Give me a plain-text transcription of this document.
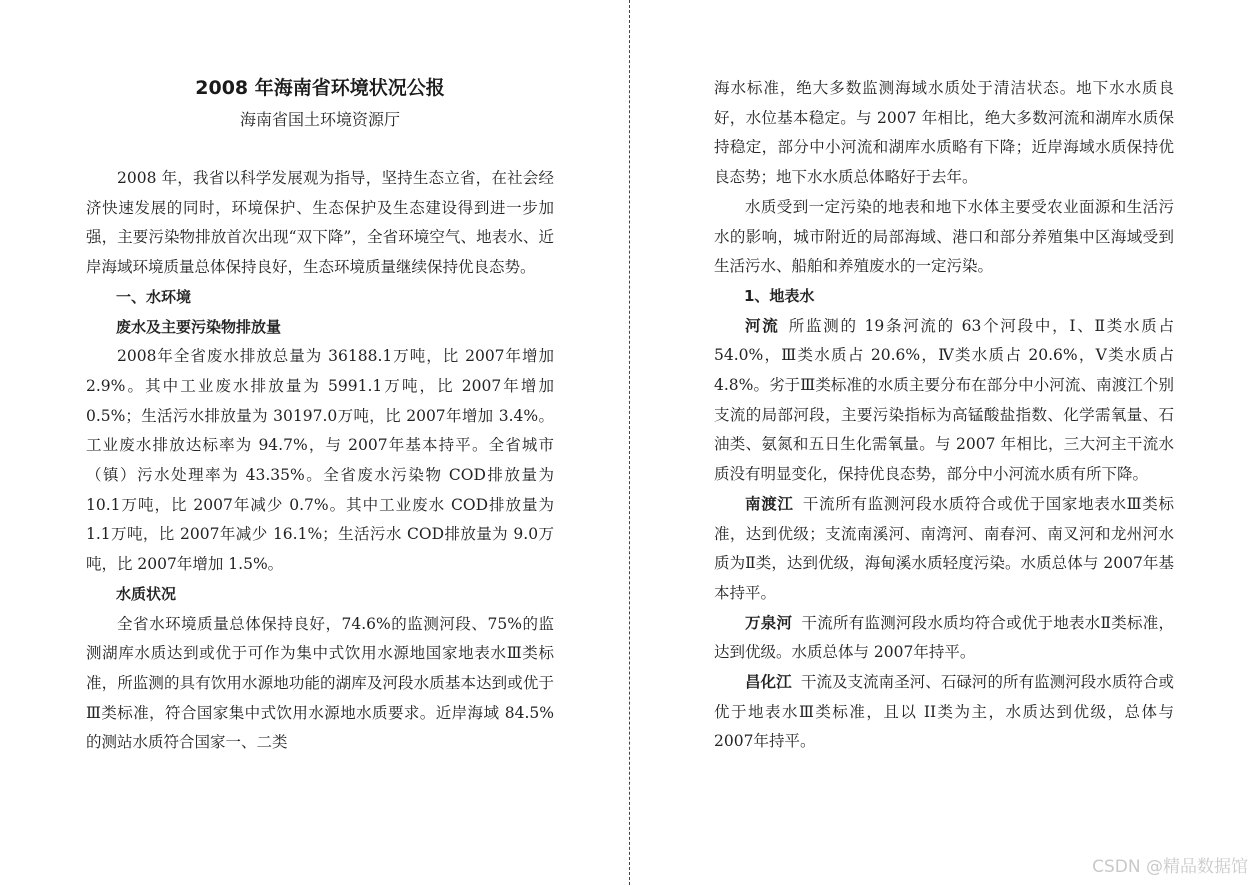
2008 年海南省环境状况公报
海南省国土环境资源厅

2008 年，我省以科学发展观为指导，坚持生态立省，在社会经济快速发展的同时，环境保护、生态保护及生态建设得到进一步加强，主要污染物排放首次出现“双下降”，全省环境空气、地表水、近岸海域环境质量总体保持良好，生态环境质量继续保持优良态势。

一、水环境
废水及主要污染物排放量

2008年全省废水排放总量为 36188.1万吨，比 2007年增加 2.9%。其中工业废水排放量为 5991.1万吨，比 2007年增加 0.5%；生活污水排放量为 30197.0万吨，比 2007年增加 3.4%。工业废水排放达标率为 94.7%，与 2007年基本持平。全省城市（镇）污水处理率为 43.35%。全省废水污染物 COD排放量为 10.1万吨，比 2007年减少 0.7%。其中工业废水 COD排放量为 1.1万吨，比 2007年减少 16.1%；生活污水 COD排放量为 9.0万吨，比 2007年增加 1.5%。

水质状况

全省水环境质量总体保持良好，74.6%的监测河段、75%的监测湖库水质达到或优于可作为集中式饮用水源地国家地表水Ⅲ类标准，所监测的具有饮用水源地功能的湖库及河段水质基本达到或优于Ⅲ类标准，符合国家集中式饮用水源地水质要求。近岸海域 84.5%的测站水质符合国家一、二类

海水标准，绝大多数监测海域水质处于清洁状态。地下水水质良好，水位基本稳定。与 2007 年相比，绝大多数河流和湖库水质保持稳定，部分中小河流和湖库水质略有下降；近岸海域水质保持优良态势；地下水水质总体略好于去年。

水质受到一定污染的地表和地下水体主要受农业面源和生活污水的影响，城市附近的局部海域、港口和部分养殖集中区海域受到生活污水、船舶和养殖废水的一定污染。

1、地表水

河流 所监测的 19条河流的 63个河段中，Ⅰ、Ⅱ类水质占 54.0%，Ⅲ类水质占 20.6%，Ⅳ类水质占 20.6%，Ⅴ类水质占 4.8%。劣于Ⅲ类标准的水质主要分布在部分中小河流、南渡江个别支流的局部河段，主要污染指标为高锰酸盐指数、化学需氧量、石油类、氨氮和五日生化需氧量。与 2007 年相比，三大河主干流水质没有明显变化，保持优良态势，部分中小河流水质有所下降。

南渡江 干流所有监测河段水质符合或优于国家地表水Ⅲ类标准，达到优级；支流南溪河、南湾河、南春河、南叉河和龙州河水质为Ⅱ类，达到优级，海甸溪水质轻度污染。水质总体与 2007年基本持平。

万泉河 干流所有监测河段水质均符合或优于地表水Ⅱ类标准，达到优级。水质总体与 2007年持平。

昌化江 干流及支流南圣河、石碌河的所有监测河段水质符合或优于地表水Ⅲ类标准，且以 II类为主，水质达到优级，总体与 2007年持平。

CSDN @精品数据馆
